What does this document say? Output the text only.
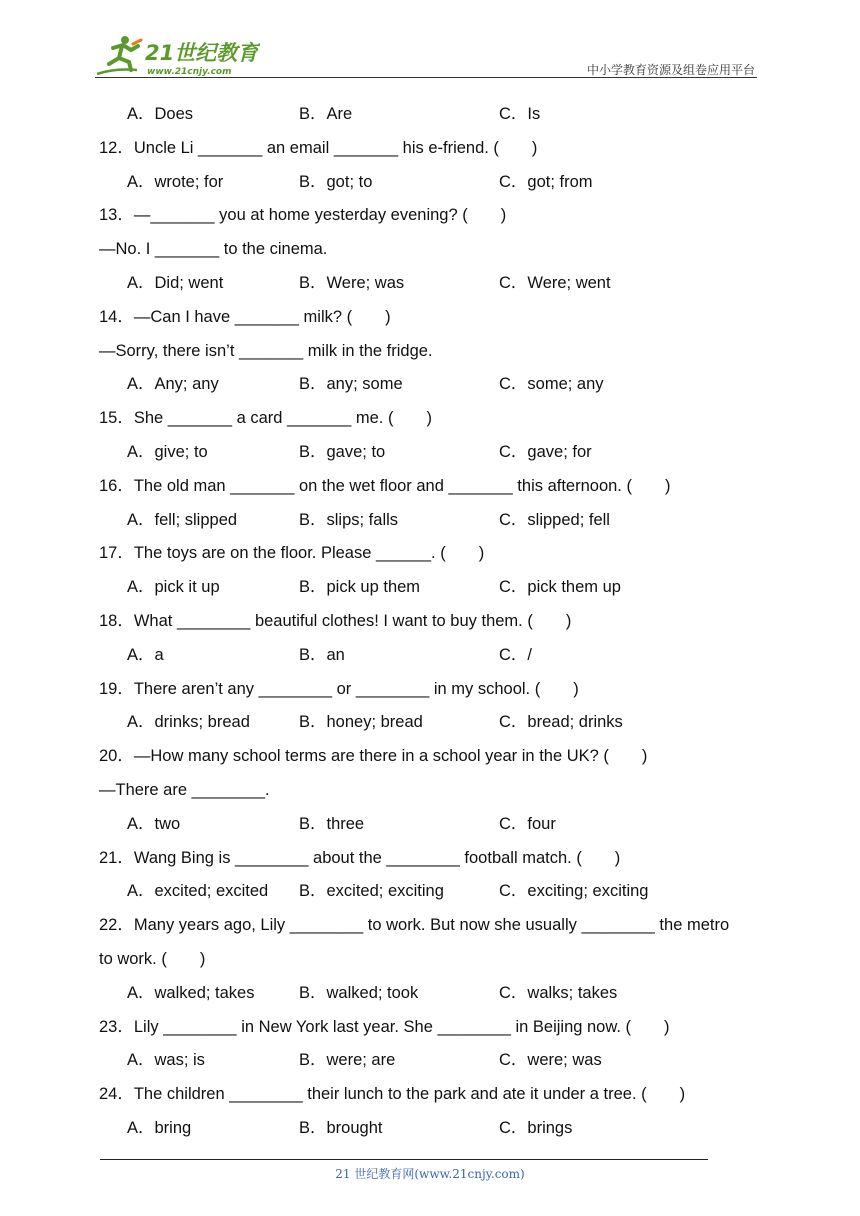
21世纪教育
www.21cnjy.com	中小学教育资源及组卷应用平台
A．Does	B．Are	C．Is
12．Uncle Li _______ an email _______ his e-friend. (　　)
A．wrote; for	B．got; to	C．got; from
13．—_______ you at home yesterday evening? (　　)
—No. I _______ to the cinema.
A．Did; went	B．Were; was	C．Were; went
14．—Can I have _______ milk? (　　)
—Sorry, there isn’t _______ milk in the fridge.
A．Any; any	B．any; some	C．some; any
15．She _______ a card _______ me. (　　)
A．give; to	B．gave; to	C．gave; for
16．The old man _______ on the wet floor and _______ this afternoon. (　　)
A．fell; slipped	B．slips; falls	C．slipped; fell
17．The toys are on the floor. Please ______. (　　)
A．pick it up	B．pick up them	C．pick them up
18．What ________ beautiful clothes! I want to buy them. (　　)
A．a	B．an	C．/
19．There aren’t any ________ or ________ in my school. (　　)
A．drinks; bread	B．honey; bread	C．bread; drinks
20．—How many school terms are there in a school year in the UK? (　　)
—There are ________.
A．two	B．three	C．four
21．Wang Bing is ________ about the ________ football match. (　　)
A．excited; excited B．excited; exciting	C．exciting; exciting
22．Many years ago, Lily ________ to work. But now she usually ________ the metro
to work. (　　)
A．walked; takes	B．walked; took	C．walks; takes
23．Lily ________ in New York last year. She ________ in Beijing now. (　　)
A．was; is	B．were; are	C．were; was
24．The children ________ their lunch to the park and ate it under a tree. (　　)
A．bring	B．brought	C．brings
21 世纪教育网(www.21cnjy.com)
